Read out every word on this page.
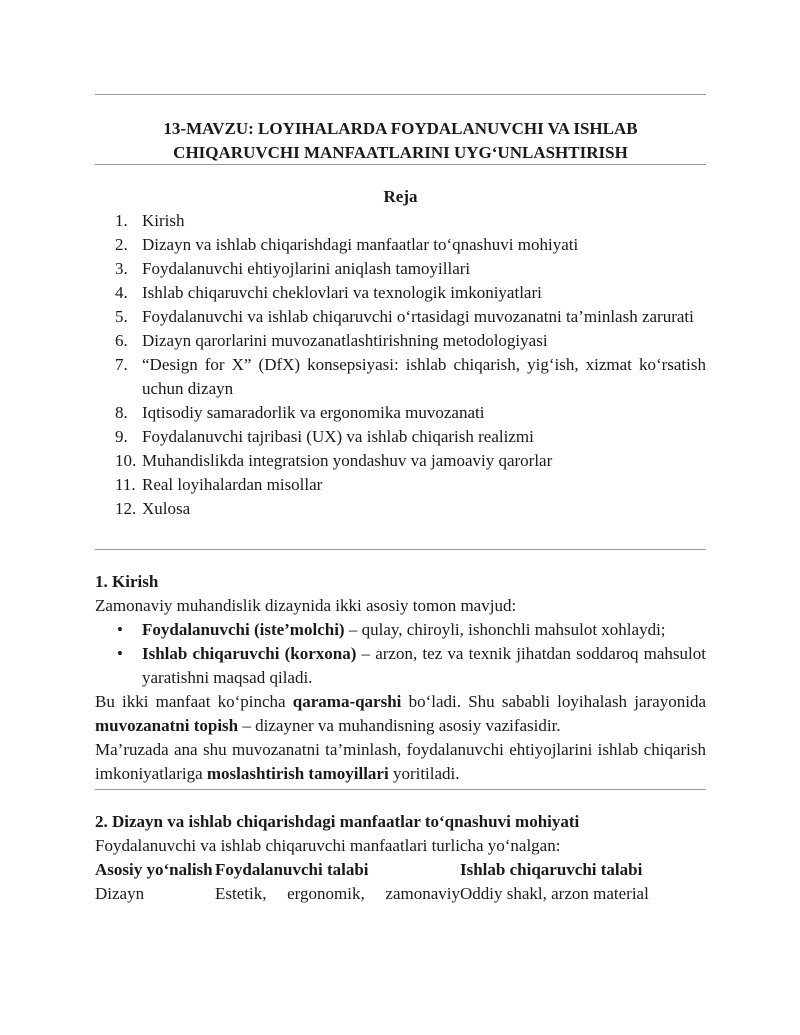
13-MAVZU: LOYIHALARDA FOYDALANUVCHI VA ISHLAB
CHIQARUVCHI MANFAATLARINI UYG‘UNLASHTIRISH
Reja
1. Kirish
2. Dizayn va ishlab chiqarishdagi manfaatlar to‘qnashuvi mohiyati
3. Foydalanuvchi ehtiyojlarini aniqlash tamoyillari
4. Ishlab chiqaruvchi cheklovlari va texnologik imkoniyatlari
5. Foydalanuvchi va ishlab chiqaruvchi o‘rtasidagi muvozanatni ta’minlash zarurati
6. Dizayn qarorlarini muvozanatlashtirishning metodologiyasi
7. “Design for X” (DfX) konsepsiyasi: ishlab chiqarish, yig‘ish, xizmat ko‘rsatish uchun dizayn
8. Iqtisodiy samaradorlik va ergonomika muvozanati
9. Foydalanuvchi tajribasi (UX) va ishlab chiqarish realizmi
10. Muhandislikda integratsion yondashuv va jamoaviy qarorlar
11. Real loyihalardan misollar
12. Xulosa
1. Kirish

Zamonaviy muhandislik dizaynida ikki asosiy tomon mavjud:

• Foydalanuvchi (iste’molchi) – qulay, chiroyli, ishonchli mahsulot xohlaydi;
• Ishlab chiqaruvchi (korxona) – arzon, tez va texnik jihatdan soddaroq mahsulot yaratishni maqsad qiladi.

Bu ikki manfaat ko‘pincha qarama-qarshi bo‘ladi. Shu sababli loyihalash jarayonida muvozanatni topish – dizayner va muhandisning asosiy vazifasidir.

Ma’ruzada ana shu muvozanatni ta’minlash, foydalanuvchi ehtiyojlarini ishlab chiqarish imkoniyatlariga moslashtirish tamoyillari yoritiladi.

2. Dizayn va ishlab chiqarishdagi manfaatlar to‘qnashuvi mohiyati

Foydalanuvchi va ishlab chiqaruvchi manfaatlari turlicha yo‘nalgan:

Asosiy yo‘nalish	Foydalanuvchi talabi	Ishlab chiqaruvchi talabi
Dizayn	Estetik, ergonomik, zamonaviy	Oddiy shakl, arzon material
